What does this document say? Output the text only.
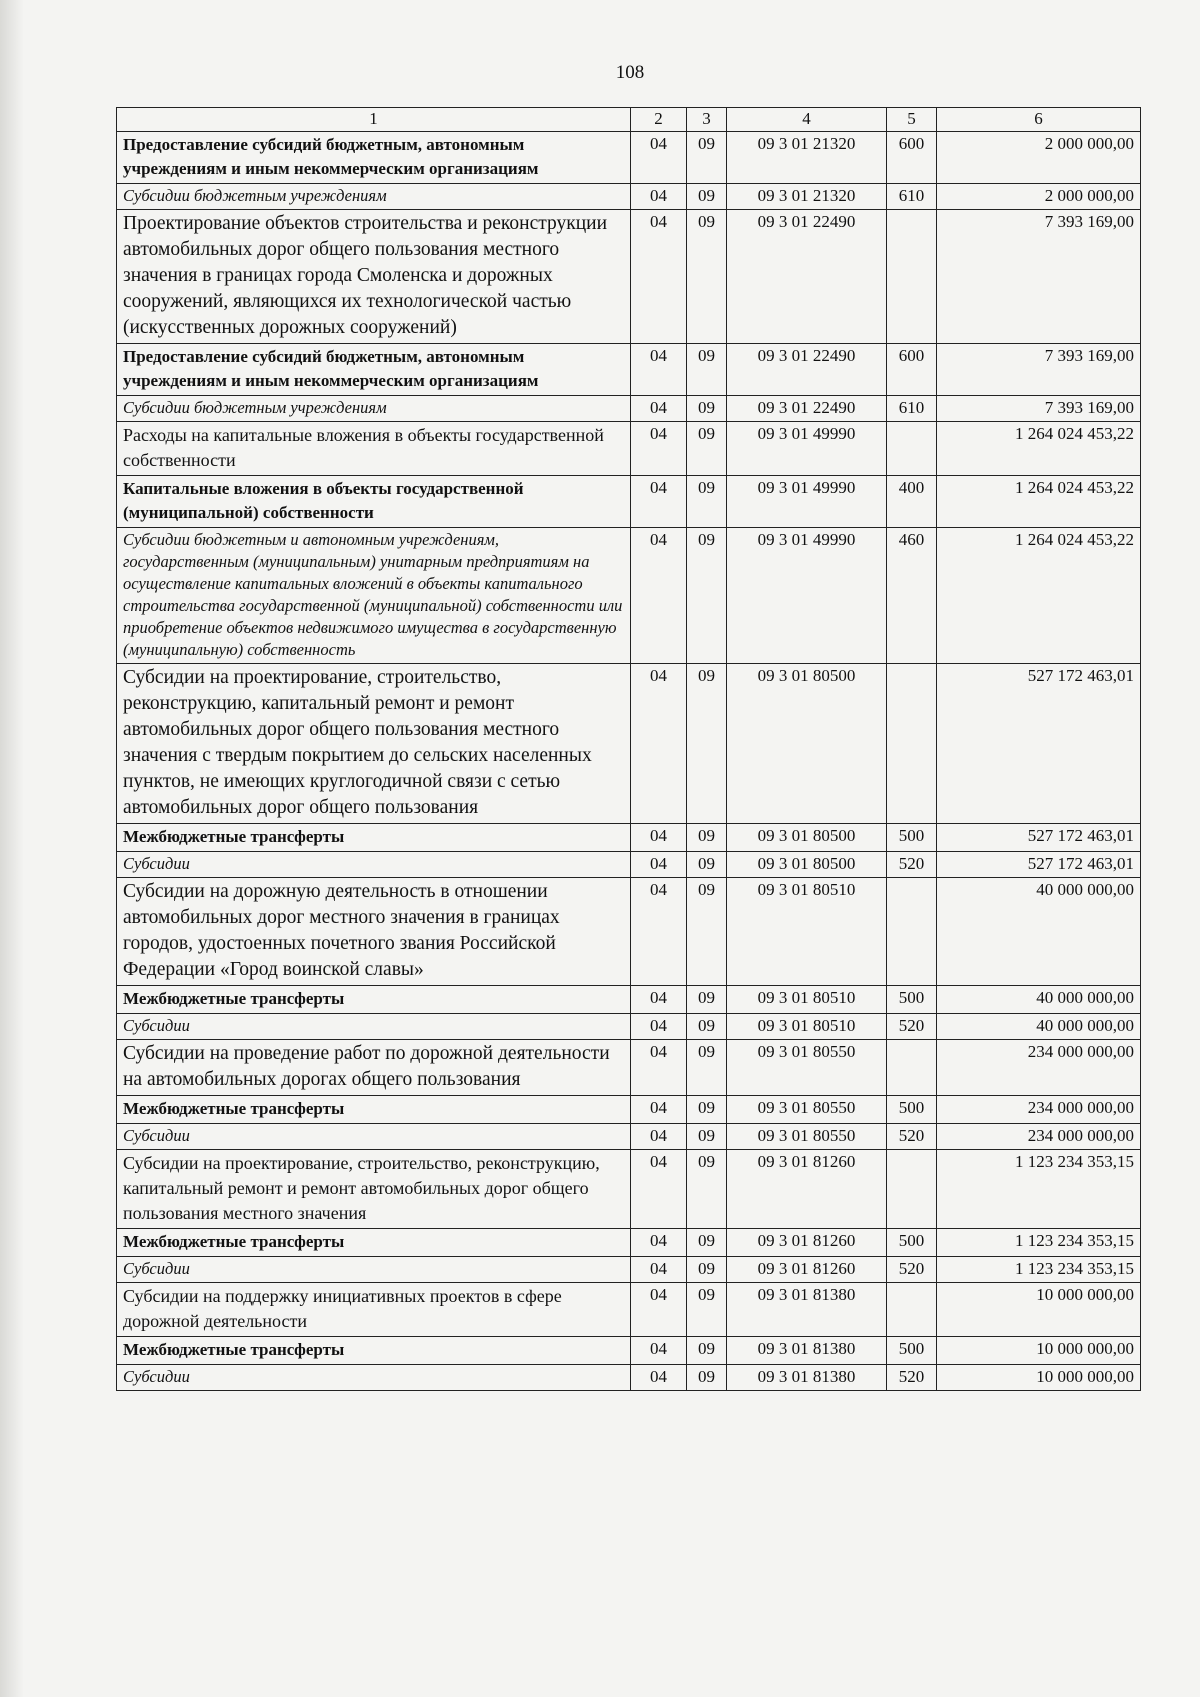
108
1	2	3	4	5	6
Предоставление субсидий бюджетным, автономным учреждениям и иным некоммерческим организациям	04	09	09 3 01 21320	600	2 000 000,00
Субсидии бюджетным учреждениям	04	09	09 3 01 21320	610	2 000 000,00
Проектирование объектов строительства и реконструкции автомобильных дорог общего пользования местного значения в границах города Смоленска и дорожных сооружений, являющихся их технологической частью (искусственных дорожных сооружений)	04	09	09 3 01 22490		7 393 169,00
Предоставление субсидий бюджетным, автономным учреждениям и иным некоммерческим организациям	04	09	09 3 01 22490	600	7 393 169,00
Субсидии бюджетным учреждениям	04	09	09 3 01 22490	610	7 393 169,00
Расходы на капитальные вложения в объекты государственной собственности	04	09	09 3 01 49990		1 264 024 453,22
Капитальные вложения в объекты государственной (муниципальной) собственности	04	09	09 3 01 49990	400	1 264 024 453,22
Субсидии бюджетным и автономным учреждениям, государственным (муниципальным) унитарным предприятиям на осуществление капитальных вложений в объекты капитального строительства государственной (муниципальной) собственности или приобретение объектов недвижимого имущества в государственную (муниципальную) собственность	04	09	09 3 01 49990	460	1 264 024 453,22
Субсидии на проектирование, строительство, реконструкцию, капитальный ремонт и ремонт автомобильных дорог общего пользования местного значения с твердым покрытием до сельских населенных пунктов, не имеющих круглогодичной связи с сетью автомобильных дорог общего пользования	04	09	09 3 01 80500		527 172 463,01
Межбюджетные трансферты	04	09	09 3 01 80500	500	527 172 463,01
Субсидии	04	09	09 3 01 80500	520	527 172 463,01
Субсидии на дорожную деятельность в отношении автомобильных дорог местного значения в границах городов, удостоенных почетного звания Российской Федерации «Город воинской славы»	04	09	09 3 01 80510		40 000 000,00
Межбюджетные трансферты	04	09	09 3 01 80510	500	40 000 000,00
Субсидии	04	09	09 3 01 80510	520	40 000 000,00
Субсидии на проведение работ по дорожной деятельности на автомобильных дорогах общего пользования	04	09	09 3 01 80550		234 000 000,00
Межбюджетные трансферты	04	09	09 3 01 80550	500	234 000 000,00
Субсидии	04	09	09 3 01 80550	520	234 000 000,00
Субсидии на проектирование, строительство, реконструкцию, капитальный ремонт и ремонт автомобильных дорог общего пользования местного значения	04	09	09 3 01 81260		1 123 234 353,15
Межбюджетные трансферты	04	09	09 3 01 81260	500	1 123 234 353,15
Субсидии	04	09	09 3 01 81260	520	1 123 234 353,15
Субсидии на поддержку инициативных проектов в сфере дорожной деятельности	04	09	09 3 01 81380		10 000 000,00
Межбюджетные трансферты	04	09	09 3 01 81380	500	10 000 000,00
Субсидии	04	09	09 3 01 81380	520	10 000 000,00
